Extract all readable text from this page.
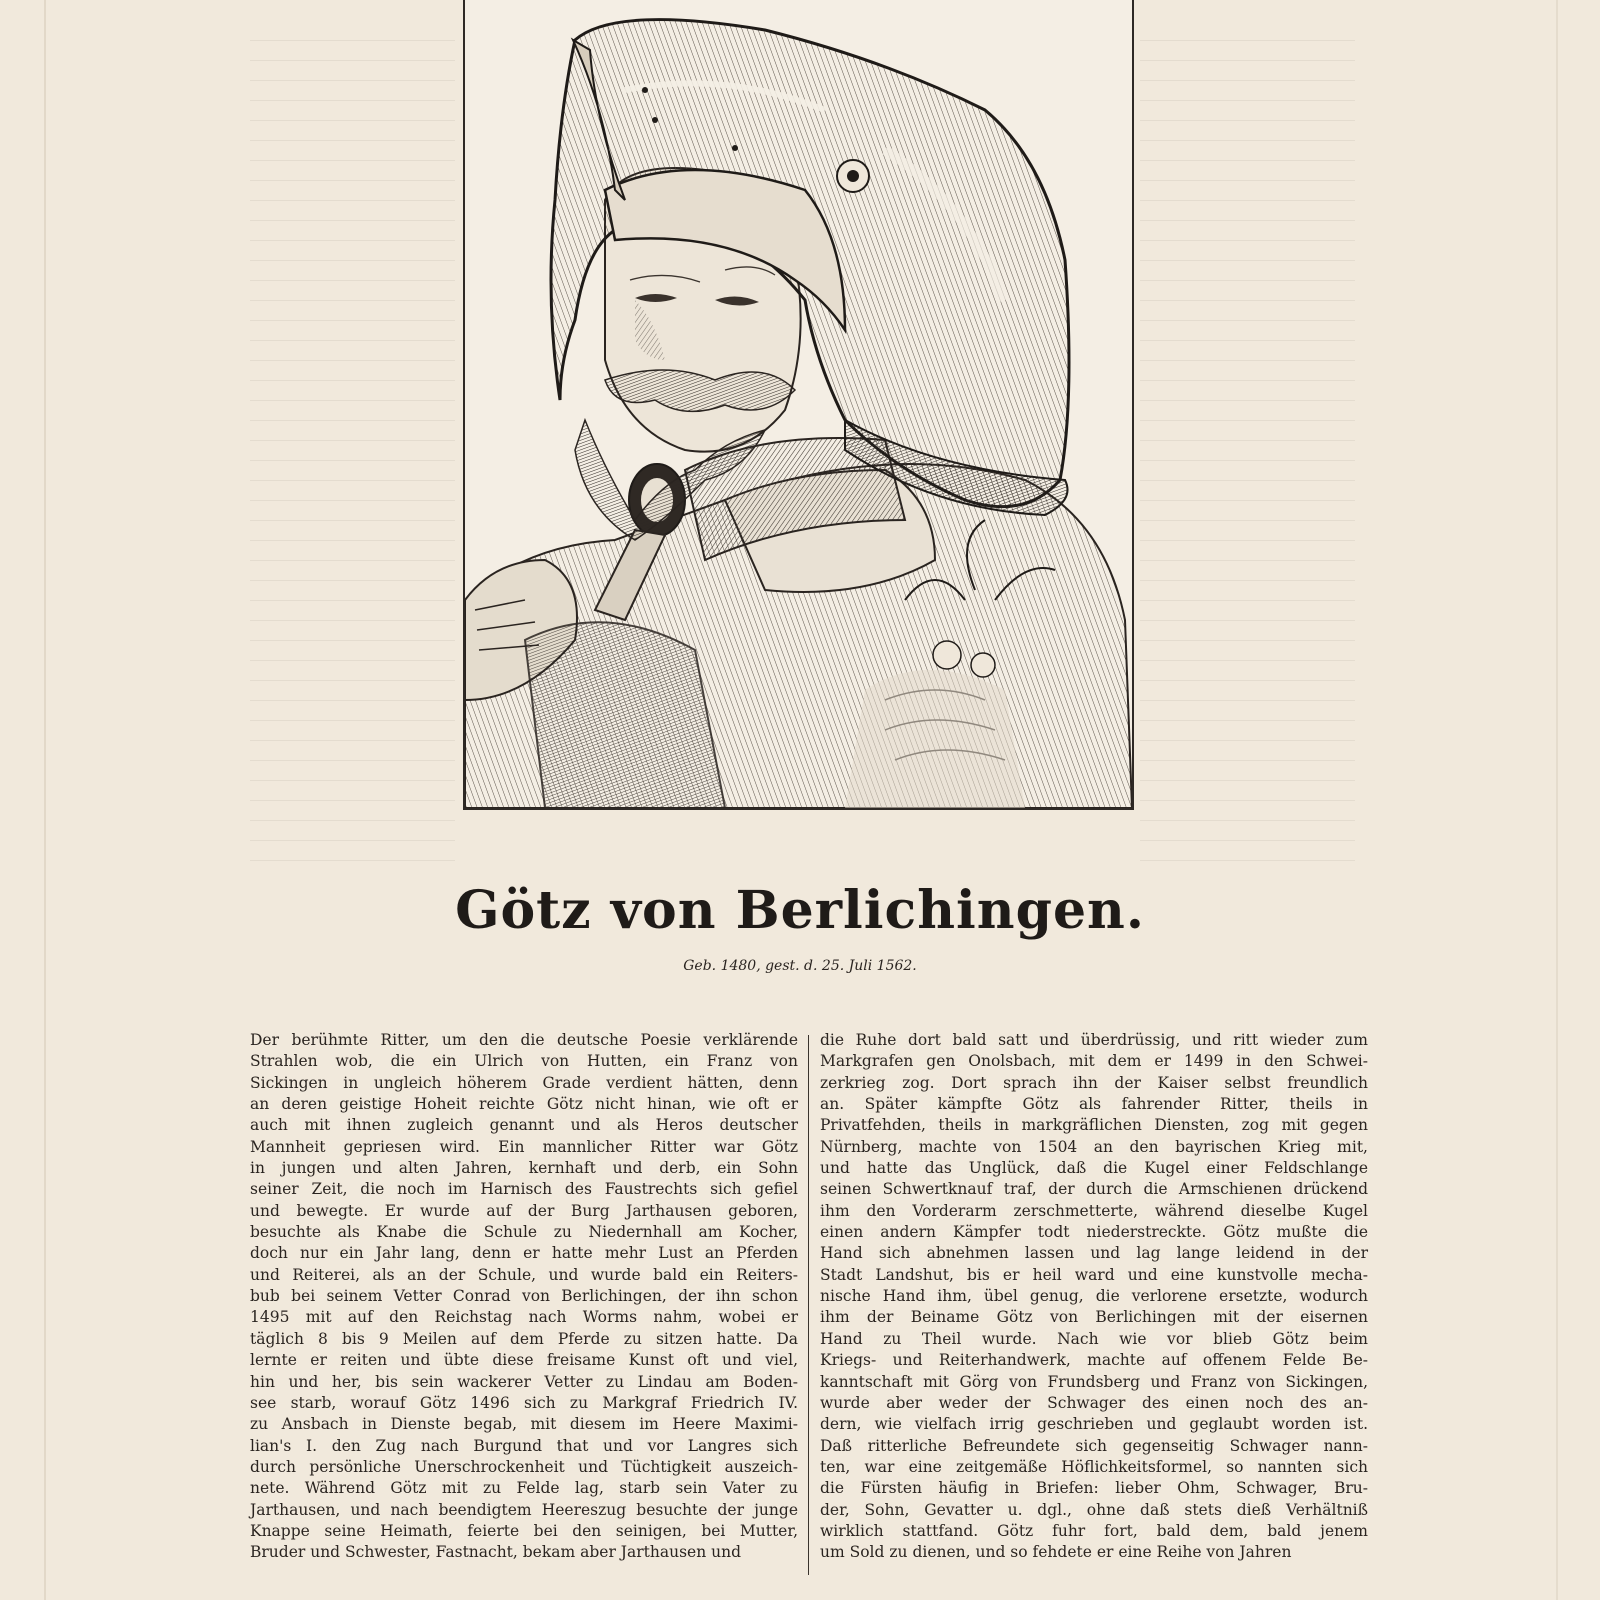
Götz von Berlichingen.
Geb. 1480, gest. d. 25. Juli 1562.
Der berühmte Ritter, um den die deutsche Poesie verklärende
Strahlen wob, die ein Ulrich von Hutten, ein Franz von
Sickingen in ungleich höherem Grade verdient hätten, denn
an deren geistige Hoheit reichte Götz nicht hinan, wie oft er
auch mit ihnen zugleich genannt und als Heros deutscher
Mannheit gepriesen wird. Ein mannlicher Ritter war Götz
in jungen und alten Jahren, kernhaft und derb, ein Sohn
seiner Zeit, die noch im Harnisch des Faustrechts sich gefiel
und bewegte. Er wurde auf der Burg Jarthausen geboren,
besuchte als Knabe die Schule zu Niedernhall am Kocher,
doch nur ein Jahr lang, denn er hatte mehr Lust an Pferden
und Reiterei, als an der Schule, und wurde bald ein Reiters-
bub bei seinem Vetter Conrad von Berlichingen, der ihn schon
1495 mit auf den Reichstag nach Worms nahm, wobei er
täglich 8 bis 9 Meilen auf dem Pferde zu sitzen hatte. Da
lernte er reiten und übte diese freisame Kunst oft und viel,
hin und her, bis sein wackerer Vetter zu Lindau am Boden-
see starb, worauf Götz 1496 sich zu Markgraf Friedrich IV.
zu Ansbach in Dienste begab, mit diesem im Heere Maximi-
lian's I. den Zug nach Burgund that und vor Langres sich
durch persönliche Unerschrockenheit und Tüchtigkeit auszeich-
nete. Während Götz mit zu Felde lag, starb sein Vater zu
Jarthausen, und nach beendigtem Heereszug besuchte der junge
Knappe seine Heimath, feierte bei den seinigen, bei Mutter,
Bruder und Schwester, Fastnacht, bekam aber Jarthausen und
die Ruhe dort bald satt und überdrüssig, und ritt wieder zum
Markgrafen gen Onolsbach, mit dem er 1499 in den Schwei-
zerkrieg zog. Dort sprach ihn der Kaiser selbst freundlich
an. Später kämpfte Götz als fahrender Ritter, theils in
Privatfehden, theils in markgräflichen Diensten, zog mit gegen
Nürnberg, machte von 1504 an den bayrischen Krieg mit,
und hatte das Unglück, daß die Kugel einer Feldschlange
seinen Schwertknauf traf, der durch die Armschienen drückend
ihm den Vorderarm zerschmetterte, während dieselbe Kugel
einen andern Kämpfer todt niederstreckte. Götz mußte die
Hand sich abnehmen lassen und lag lange leidend in der
Stadt Landshut, bis er heil ward und eine kunstvolle mecha-
nische Hand ihm, übel genug, die verlorene ersetzte, wodurch
ihm der Beiname Götz von Berlichingen mit der eisernen
Hand zu Theil wurde. Nach wie vor blieb Götz beim
Kriegs- und Reiterhandwerk, machte auf offenem Felde Be-
kanntschaft mit Görg von Frundsberg und Franz von Sickingen,
wurde aber weder der Schwager des einen noch des an-
dern, wie vielfach irrig geschrieben und geglaubt worden ist.
Daß ritterliche Befreundete sich gegenseitig Schwager nann-
ten, war eine zeitgemäße Höflichkeitsformel, so nannten sich
die Fürsten häufig in Briefen: lieber Ohm, Schwager, Bru-
der, Sohn, Gevatter u. dgl., ohne daß stets dieß Verhältniß
wirklich stattfand. Götz fuhr fort, bald dem, bald jenem
um Sold zu dienen, und so fehdete er eine Reihe von Jahren
